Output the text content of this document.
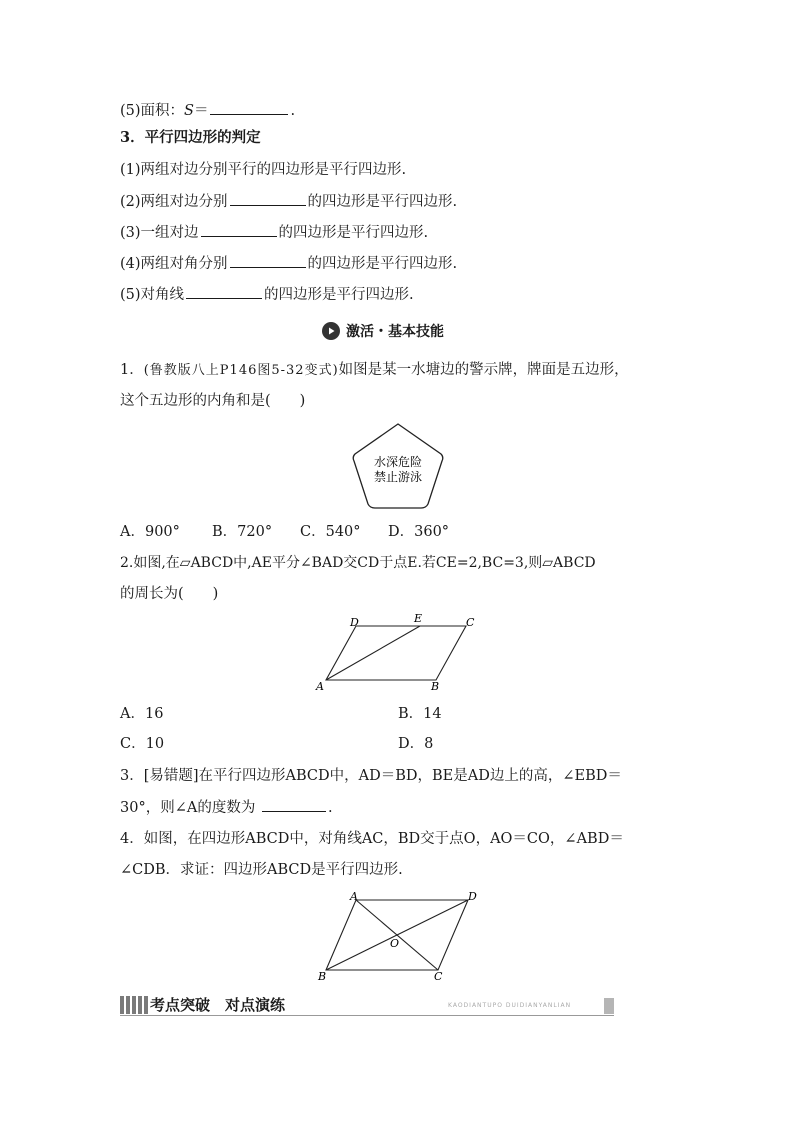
(5)面积：S＝	.
3．平行四边形的判定
(1)两组对边分别平行的四边形是平行四边形.
(2)两组对边分别	的四边形是平行四边形.
(3)一组对边	的四边形是平行四边形.
(4)两组对角分别	的四边形是平行四边形.
(5)对角线	的四边形是平行四边形.
激活・基本技能
1．(鲁教版八上P146图5-32变式)如图是某一水塘边的警示牌，牌面是五边形，
这个五边形的内角和是(　　)
水深危险
禁止游泳
A．900° B．720° C．540° D．360°
2.如图,在▱ABCD中,AE平分∠BAD交CD于点E.若CE=2,BC=3,则▱ABCD
的周长为(　　)
A	B
C
D	E
A．16	B．14
C．10	D．8
3．[易错题]在平行四边形ABCD中，AD＝BD，BE是AD边上的高，∠EBD＝
30°，则∠A的度数为	.
4．如图，在四边形ABCD中，对角线AC，BD交于点O，AO＝CO，∠ABD＝
∠CDB．求证：四边形ABCD是平行四边形.
A	D
B	C
O
考点突破　对点演练	KAODIANTUPO DUIDIANYANLIAN
